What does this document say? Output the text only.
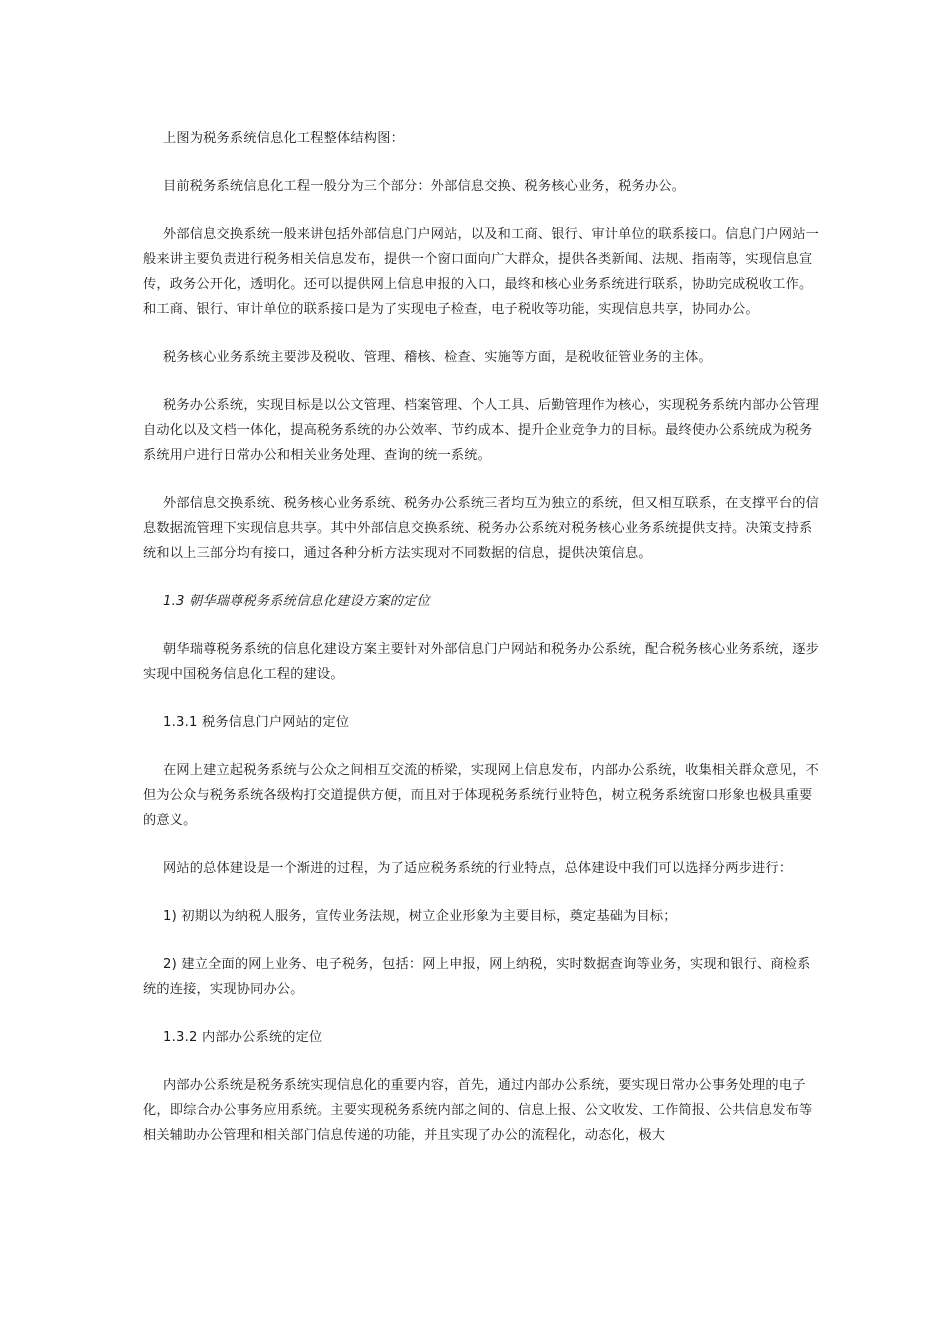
上图为税务系统信息化工程整体结构图：

目前税务系统信息化工程一般分为三个部分：外部信息交换、税务核心业务，税务办公。

外部信息交换系统一般来讲包括外部信息门户网站，以及和工商、银行、审计单位的联系接口。信息门户网站一般来讲主要负责进行税务相关信息发布，提供一个窗口面向广大群众，提供各类新闻、法规、指南等，实现信息宣传，政务公开化，透明化。还可以提供网上信息申报的入口，最终和核心业务系统进行联系，协助完成税收工作。和工商、银行、审计单位的联系接口是为了实现电子检查，电子税收等功能，实现信息共享，协同办公。

税务核心业务系统主要涉及税收、管理、稽核、检查、实施等方面，是税收征管业务的主体。

税务办公系统，实现目标是以公文管理、档案管理、个人工具、后勤管理作为核心，实现税务系统内部办公管理自动化以及文档一体化，提高税务系统的办公效率、节约成本、提升企业竞争力的目标。最终使办公系统成为税务系统用户进行日常办公和相关业务处理、查询的统一系统。

外部信息交换系统、税务核心业务系统、税务办公系统三者均互为独立的系统，但又相互联系，在支撑平台的信息数据流管理下实现信息共享。其中外部信息交换系统、税务办公系统对税务核心业务系统提供支持。决策支持系统和以上三部分均有接口，通过各种分析方法实现对不同数据的信息，提供决策信息。

1.3 朝华瑞尊税务系统信息化建设方案的定位

朝华瑞尊税务系统的信息化建设方案主要针对外部信息门户网站和税务办公系统，配合税务核心业务系统，逐步实现中国税务信息化工程的建设。

1.3.1 税务信息门户网站的定位

在网上建立起税务系统与公众之间相互交流的桥梁，实现网上信息发布，内部办公系统，收集相关群众意见，不但为公众与税务系统各级构打交道提供方便，而且对于体现税务系统行业特色，树立税务系统窗口形象也极具重要的意义。

网站的总体建设是一个渐进的过程，为了适应税务系统的行业特点，总体建设中我们可以选择分两步进行：

1) 初期以为纳税人服务，宣传业务法规，树立企业形象为主要目标，奠定基础为目标；

2) 建立全面的网上业务、电子税务，包括：网上申报，网上纳税，实时数据查询等业务，实现和银行、商检系统的连接，实现协同办公。

1.3.2 内部办公系统的定位

内部办公系统是税务系统实现信息化的重要内容，首先，通过内部办公系统，要实现日常办公事务处理的电子化，即综合办公事务应用系统。主要实现税务系统内部之间的、信息上报、公文收发、工作简报、公共信息发布等相关辅助办公管理和相关部门信息传递的功能，并且实现了办公的流程化，动态化，极大
